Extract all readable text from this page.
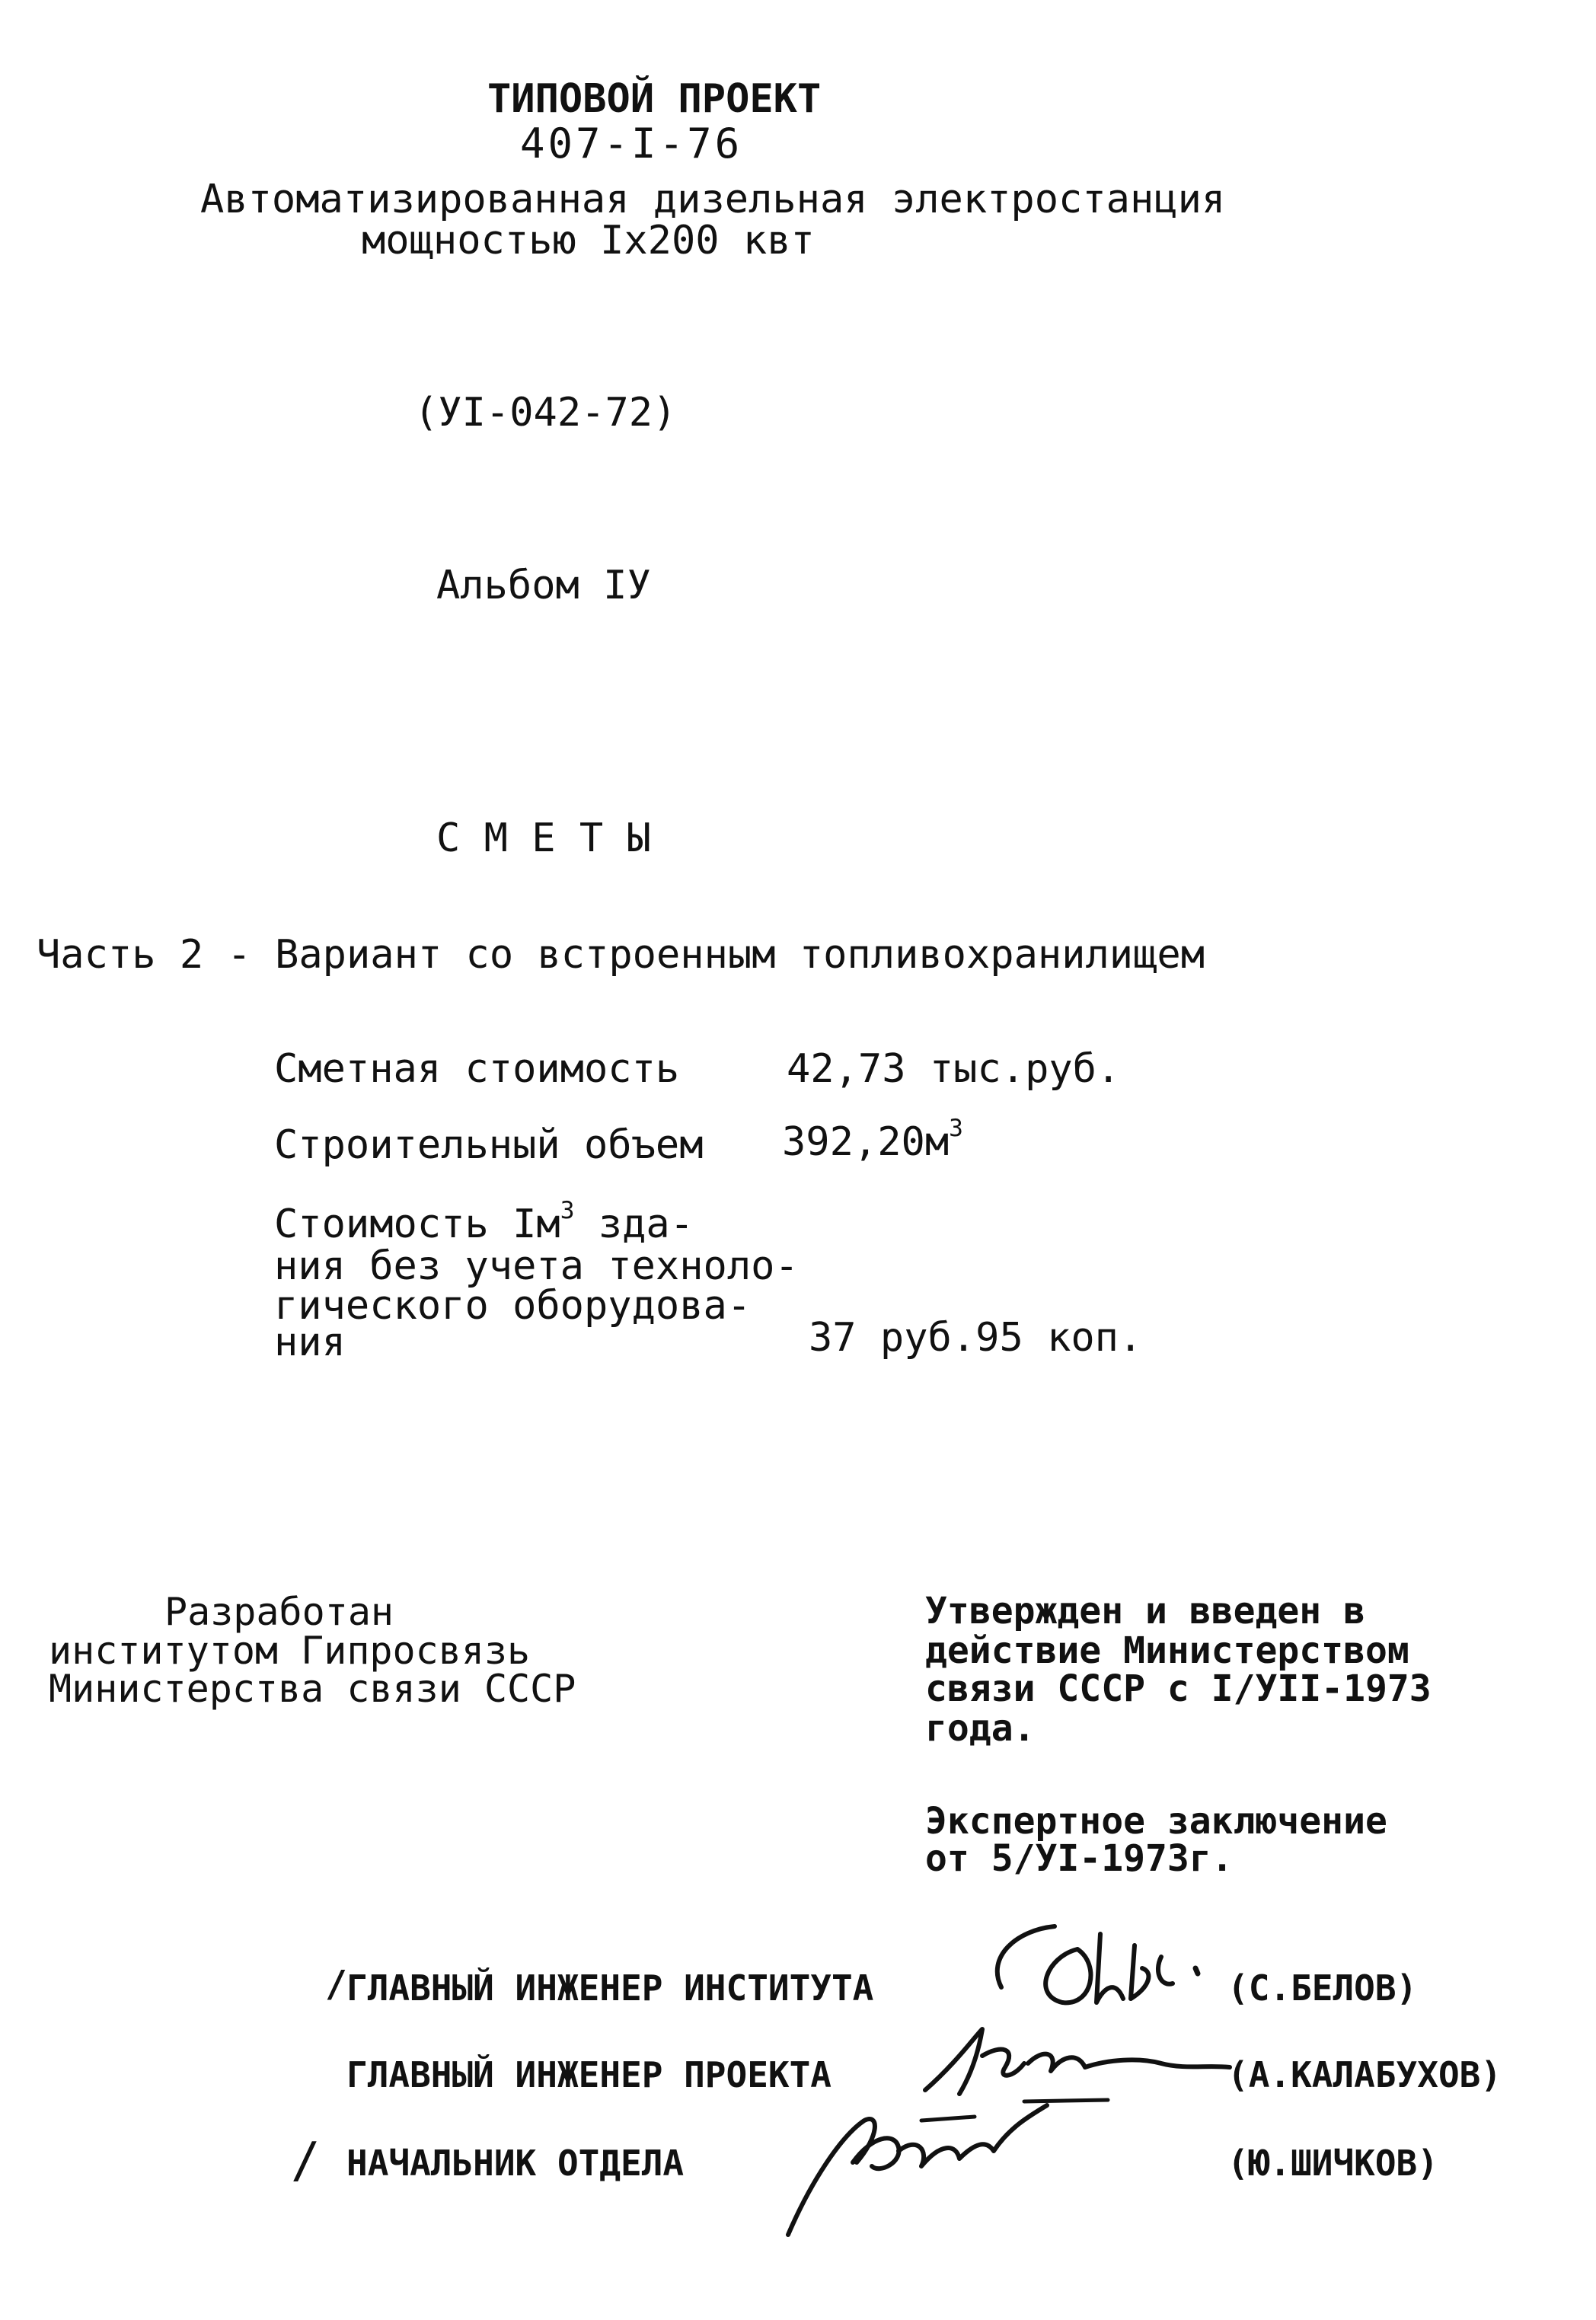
ТИПОВОЙ ПРОЕКТ
407-I-76
Автоматизированная дизельная электростанция
мощностью Iх200 квт
(УI-042-72)
Альбом IУ
С М Е Т Ы
Часть 2 - Вариант со встроенным топливохранилищем
Сметная стоимость	42,73 тыс.руб.
Строительный объем $392,20м^3$
Стоимость $Iм^3$ зда-
ния без учета техноло-
гического оборудова-
ния	37 руб.95 коп.
Разработан
институтом Гипросвязь
Министерства связи СССР
Утвержден и введен в
действие Министерством
связи СССР с I/УII-1973
года.
Экспертное заключение
от 5/УI-1973г.
/ ГЛАВНЫЙ ИНЖЕНЕР ИНСТИТУТА	(С.БЕЛОВ)
ГЛАВНЫЙ ИНЖЕНЕР ПРОЕКТА	(А.КАЛАБУХОВ)
/ НАЧАЛЬНИК ОТДЕЛА	(Ю.ШИЧКОВ)
